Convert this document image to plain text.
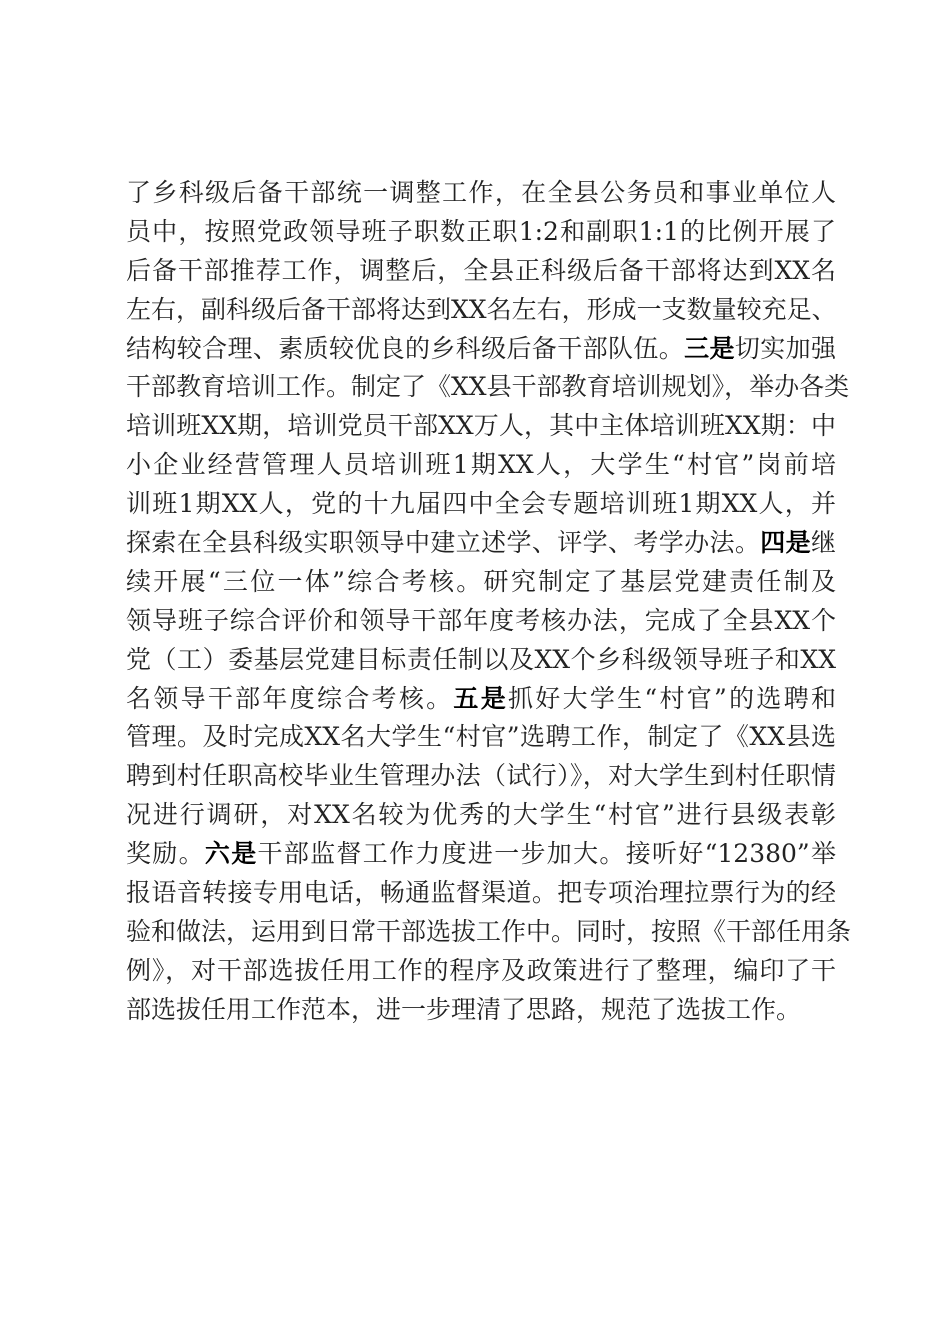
了乡科级后备干部统一调整工作，在全县公务员和事业单位人
员中，按照党政领导班子职数正职1:2和副职1:1的比例开展了
后备干部推荐工作，调整后，全县正科级后备干部将达到XX名
左右，副科级后备干部将达到XX名左右，形成一支数量较充足、
结构较合理、素质较优良的乡科级后备干部队伍。三是切实加强
干部教育培训工作。制定了《XX县干部教育培训规划》，举办各类
培训班XX期，培训党员干部XX万人，其中主体培训班XX期：中
小企业经营管理人员培训班1期XX人，大学生“村官”岗前培
训班1期XX人，党的十九届四中全会专题培训班1期XX人，并
探索在全县科级实职领导中建立述学、评学、考学办法。四是继
续开展“三位一体”综合考核。研究制定了基层党建责任制及
领导班子综合评价和领导干部年度考核办法，完成了全县XX个
党（工）委基层党建目标责任制以及XX个乡科级领导班子和XX
名领导干部年度综合考核。五是抓好大学生“村官”的选聘和
管理。及时完成XX名大学生“村官”选聘工作，制定了《XX县选
聘到村任职高校毕业生管理办法（试行）》，对大学生到村任职情
况进行调研，对XX名较为优秀的大学生“村官”进行县级表彰
奖励。六是干部监督工作力度进一步加大。接听好“12380”举
报语音转接专用电话，畅通监督渠道。把专项治理拉票行为的经
验和做法，运用到日常干部选拔工作中。同时，按照《干部任用条
例》，对干部选拔任用工作的程序及政策进行了整理，编印了干
部选拔任用工作范本，进一步理清了思路，规范了选拔工作。
